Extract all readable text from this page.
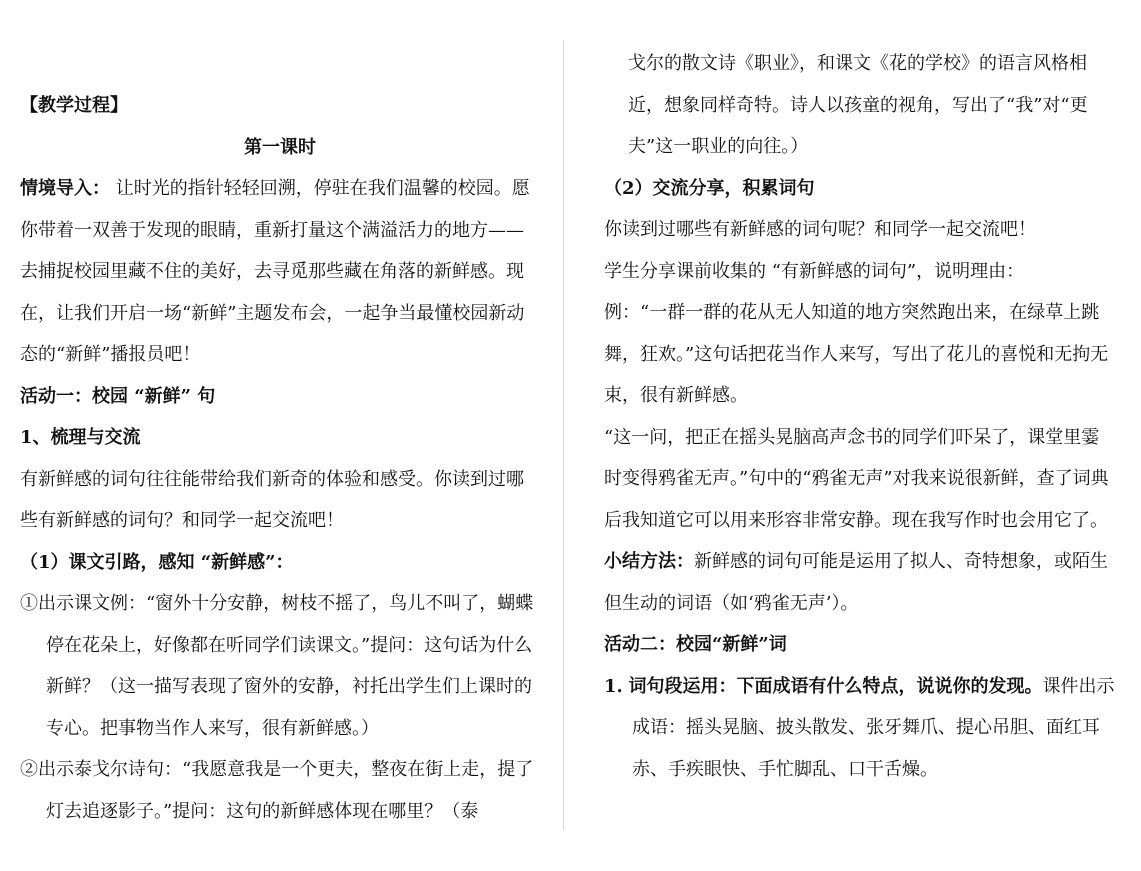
【教学过程】

第一课时

情境导入： 让时光的指针轻轻回溯，停驻在我们温馨的校园。愿你带着一双善于发现的眼睛，重新打量这个满溢活力的地方——去捕捉校园里藏不住的美好，去寻觅那些藏在角落的新鲜感。现在，让我们开启一场“新鲜”主题发布会，一起争当最懂校园新动态的“新鲜”播报员吧！

活动一：校园 “新鲜” 句

1、梳理与交流

有新鲜感的词句往往能带给我们新奇的体验和感受。你读到过哪些有新鲜感的词句？和同学一起交流吧！

（1）课文引路，感知 “新鲜感”：

①出示课文例：“窗外十分安静，树枝不摇了，鸟儿不叫了，蝴蝶停在花朵上，好像都在听同学们读课文。”提问：这句话为什么新鲜？（这一描写表现了窗外的安静，衬托出学生们上课时的专心。把事物当作人来写，很有新鲜感。）

②出示泰戈尔诗句：“我愿意我是一个更夫，整夜在街上走，提了灯去追逐影子。”提问：这句的新鲜感体现在哪里？（泰

戈尔的散文诗《职业》，和课文《花的学校》的语言风格相近，想象同样奇特。诗人以孩童的视角，写出了“我”对“更夫”这一职业的向往。）

（2）交流分享，积累词句

你读到过哪些有新鲜感的词句呢？和同学一起交流吧！

学生分享课前收集的 “有新鲜感的词句”，说明理由：

例：“一群一群的花从无人知道的地方突然跑出来，在绿草上跳舞，狂欢。”这句话把花当作人来写，写出了花儿的喜悦和无拘无束，很有新鲜感。

“这一问，把正在摇头晃脑高声念书的同学们吓呆了，课堂里霎时变得鸦雀无声。”句中的“鸦雀无声”对我来说很新鲜，查了词典后我知道它可以用来形容非常安静。现在我写作时也会用它了。

小结方法：新鲜感的词句可能是运用了拟人、奇特想象，或陌生但生动的词语（如‘鸦雀无声’）。

活动二：校园“新鲜”词

1. 词句段运用：下面成语有什么特点，说说你的发现。课件出示成语：摇头晃脑、披头散发、张牙舞爪、提心吊胆、面红耳赤、手疾眼快、手忙脚乱、口干舌燥。
